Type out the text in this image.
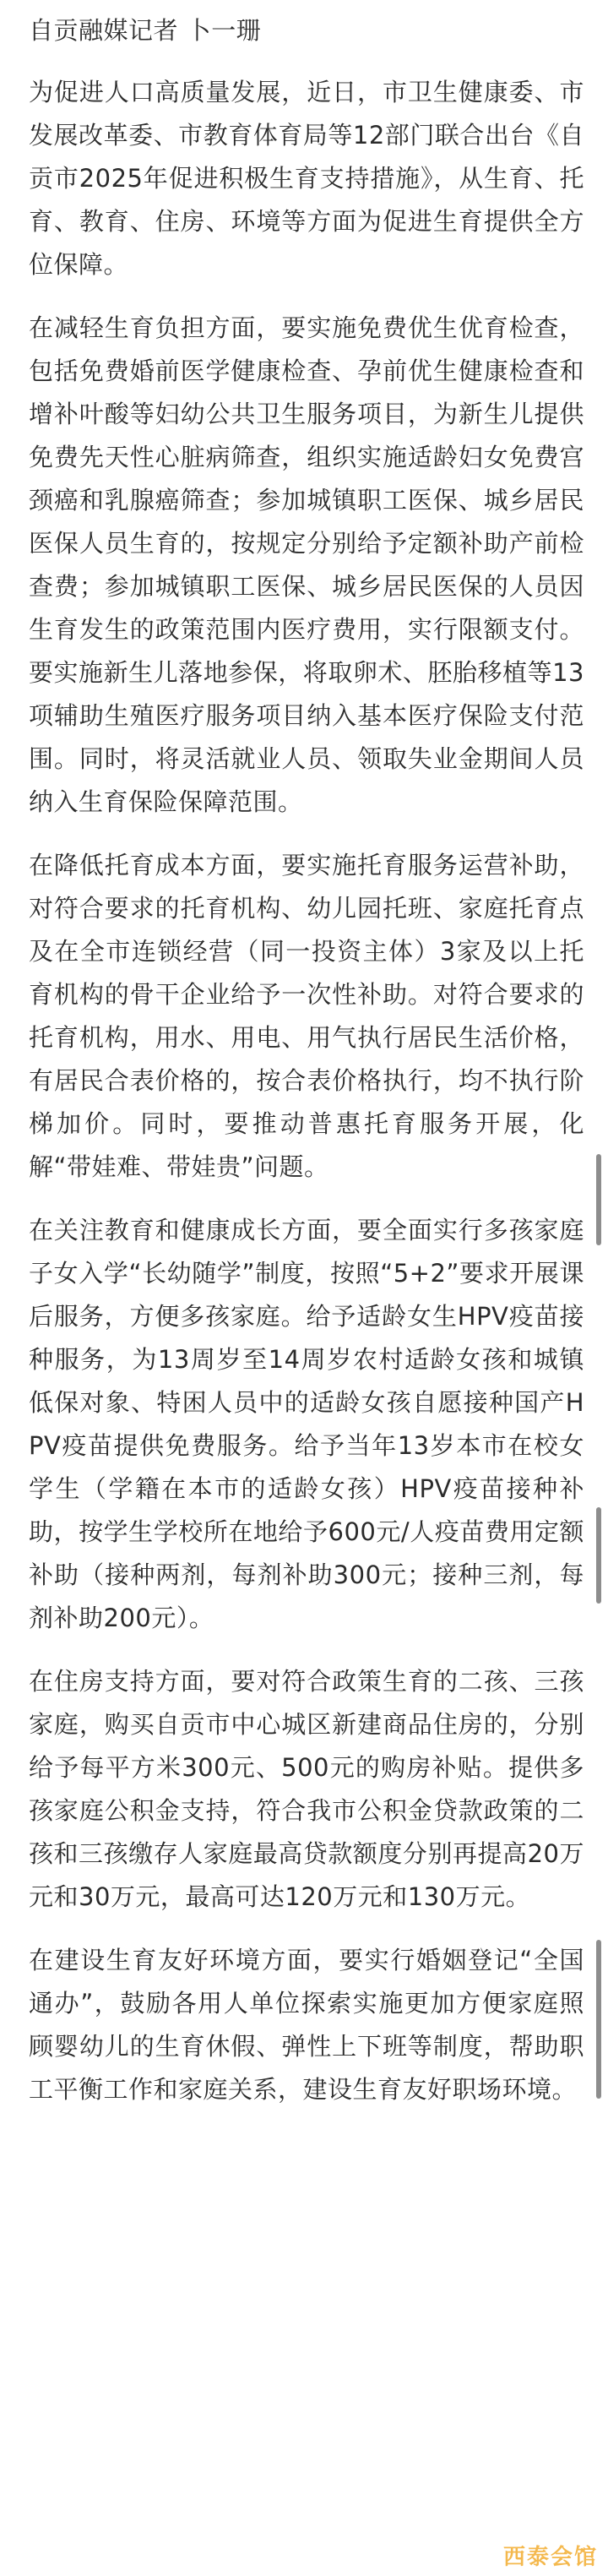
自贡融媒记者 卜一珊

为促进人口高质量发展，近日，市卫生健康委、市发展改革委、市教育体育局等12部门联合出台《自贡市2025年促进积极生育支持措施》，从生育、托育、教育、住房、环境等方面为促进生育提供全方位保障。

在减轻生育负担方面，要实施免费优生优育检查，包括免费婚前医学健康检查、孕前优生健康检查和增补叶酸等妇幼公共卫生服务项目，为新生儿提供免费先天性心脏病筛查，组织实施适龄妇女免费宫颈癌和乳腺癌筛查；参加城镇职工医保、城乡居民医保人员生育的，按规定分别给予定额补助产前检查费；参加城镇职工医保、城乡居民医保的人员因生育发生的政策范围内医疗费用，实行限额支付。要实施新生儿落地参保，将取卵术、胚胎移植等13项辅助生殖医疗服务项目纳入基本医疗保险支付范围。同时，将灵活就业人员、领取失业金期间人员纳入生育保险保障范围。

在降低托育成本方面，要实施托育服务运营补助，对符合要求的托育机构、幼儿园托班、家庭托育点及在全市连锁经营（同一投资主体）3家及以上托育机构的骨干企业给予一次性补助。对符合要求的托育机构，用水、用电、用气执行居民生活价格，有居民合表价格的，按合表价格执行，均不执行阶梯加价。同时，要推动普惠托育服务开展，化解“带娃难、带娃贵”问题。

在关注教育和健康成长方面，要全面实行多孩家庭子女入学“长幼随学”制度，按照“5+2”要求开展课后服务，方便多孩家庭。给予适龄女生HPV疫苗接种服务，为13周岁至14周岁农村适龄女孩和城镇低保对象、特困人员中的适龄女孩自愿接种国产HPV疫苗提供免费服务。给予当年13岁本市在校女学生（学籍在本市的适龄女孩）HPV疫苗接种补助，按学生学校所在地给予600元/人疫苗费用定额补助（接种两剂，每剂补助300元；接种三剂，每剂补助200元）。

在住房支持方面，要对符合政策生育的二孩、三孩家庭，购买自贡市中心城区新建商品住房的，分别给予每平方米300元、500元的购房补贴。提供多孩家庭公积金支持，符合我市公积金贷款政策的二孩和三孩缴存人家庭最高贷款额度分别再提高20万元和30万元，最高可达120万元和130万元。

在建设生育友好环境方面，要实行婚姻登记“全国通办”，鼓励各用人单位探索实施更加方便家庭照顾婴幼儿的生育休假、弹性上下班等制度，帮助职工平衡工作和家庭关系，建设生育友好职场环境。

西泰会馆
